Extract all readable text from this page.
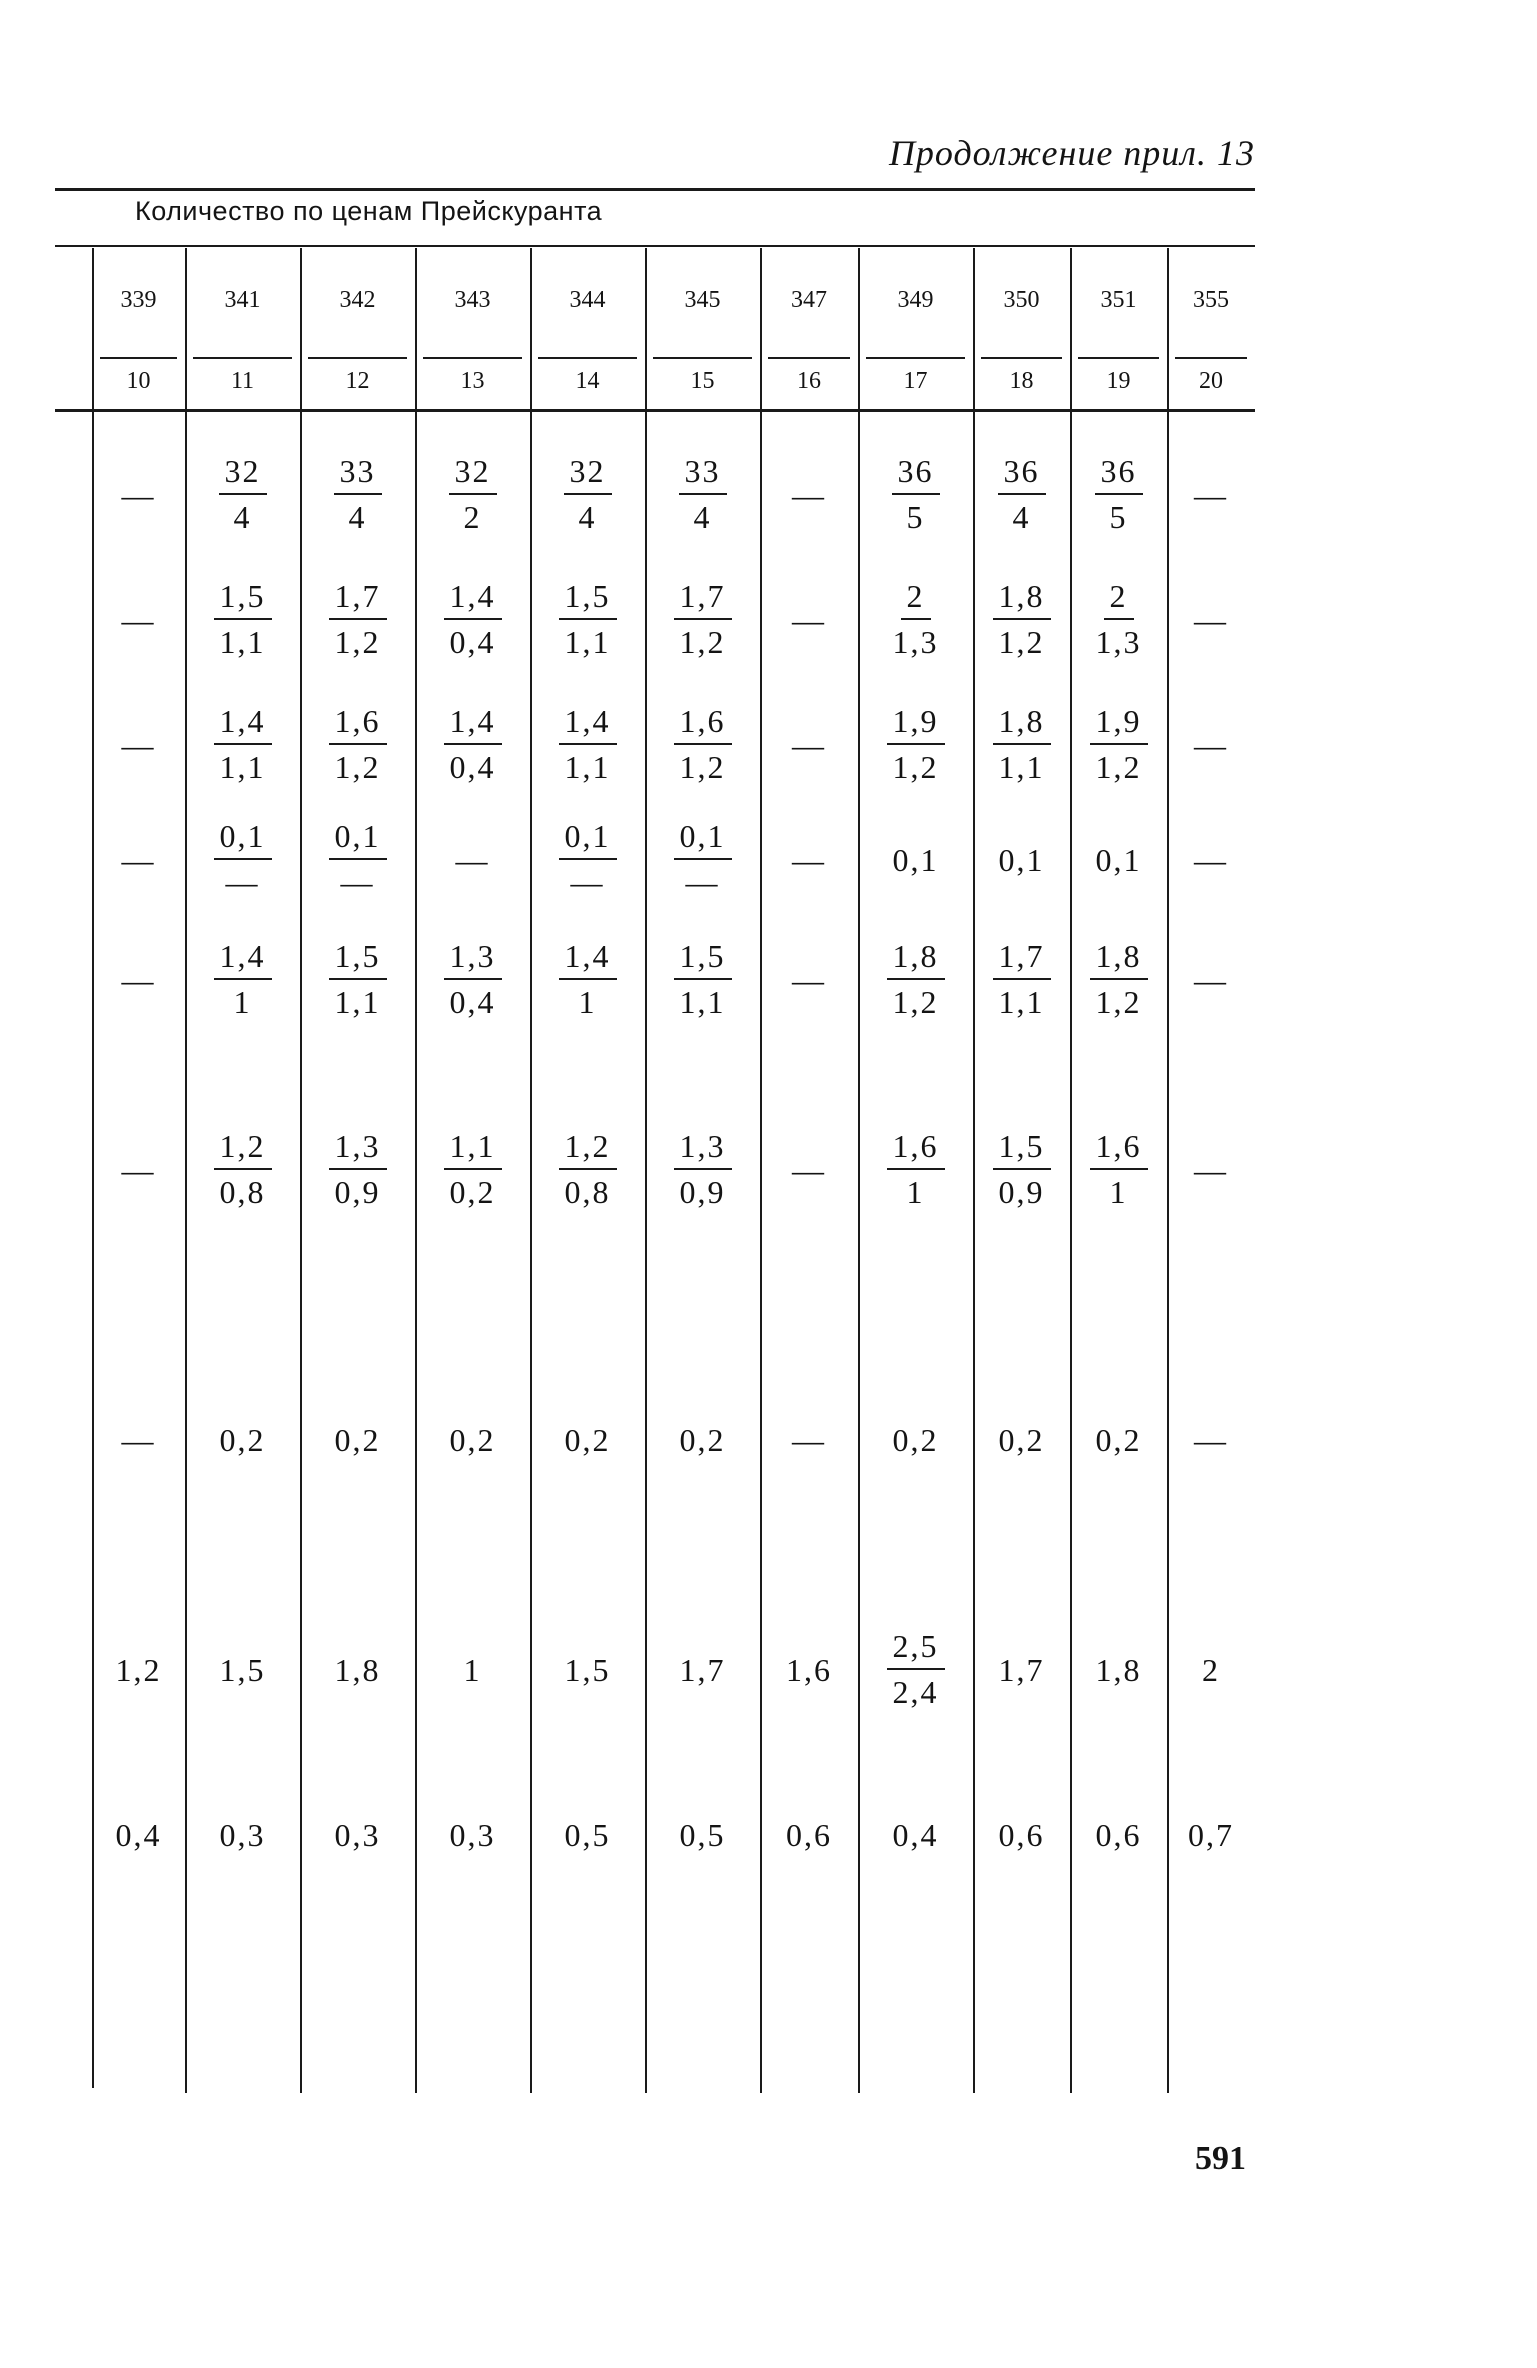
Продолжение прил. 13
Количество по ценам Прейскуранта
339
10
341
11
342
12
343
13
344
14
345
15
347
16
349
17
350
18
351
19
355
20
— $\frac{32}{4} \frac{33}{4} \frac{32}{2} \frac{32}{4} \frac{33}{4}$ — $\frac{36}{5} \frac{36}{4} \frac{36}{5}$ —
— $\frac{1,5}{1,1} \frac{1,7}{1,2} \frac{1,4}{0,4} \frac{1,5}{1,1} \frac{1,7}{1,2}$ — $\frac{2}{1,3} \frac{1,8}{1,2} \frac{2}{1,3}$ —
— $\frac{1,4}{1,1} \frac{1,6}{1,2} \frac{1,4}{0,4} \frac{1,4}{1,1} \frac{1,6}{1,2}$ — $\frac{1,9}{1,2} \frac{1,8}{1,1} \frac{1,9}{1,2}$ —
— $\frac{0,1}{—} \frac{0,1}{—}$ — $\frac{0,1}{—} \frac{0,1}{—}$ — 0,1 0,1 0,1 —
— $\frac{1,4}{1} \frac{1,5}{1,1} \frac{1,3}{0,4} \frac{1,4}{1} \frac{1,5}{1,1}$ — $\frac{1,8}{1,2} \frac{1,7}{1,1} \frac{1,8}{1,2}$ —
— $\frac{1,2}{0,8} \frac{1,3}{0,9} \frac{1,1}{0,2} \frac{1,2}{0,8} \frac{1,3}{0,9}$ — $\frac{1,6}{1} \frac{1,5}{0,9} \frac{1,6}{1}$ —
— 0,2 0,2 0,2 0,2 0,2 — 0,2 0,2 0,2 —
1,2 1,5 1,8	1	1,5 1,7 $1,6 \frac{2,5}{2,4} 1,7$ 1,8 2
0,4 0,3 0,3 0,3 0,5 0,5 0,6 0,4 0,6 0,6 0,7
591
